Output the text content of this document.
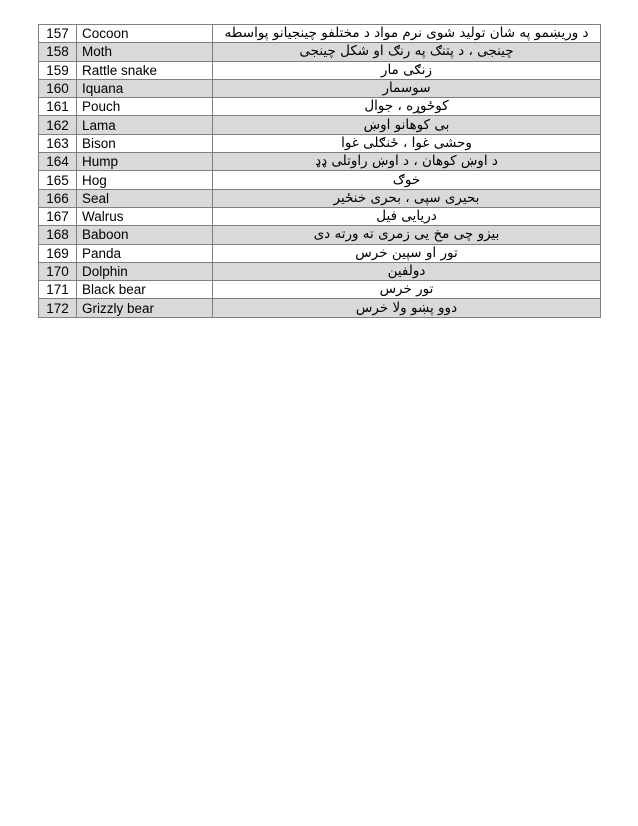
157	Cocoon	د وریښمو په شان تولید شوی نرم مواد د مختلفو چینجیانو پواسطه
158	Moth	چینجی ، د پتنګ په رنګ او شکل چینجی
159	Rattle snake	زنګی مار
160	Iquana	سوسمار
161	Pouch	کوځوړه ، جوال
162	Lama	بی کوهانو اوښ
163	Bison	وحشی غوا ، ځنګلی غوا
164	Hump	د اوښ کوهان ، د اوښ راوتلی ډډ
165	Hog	خوګ
166	Seal	بحیری سپی ، بحری خنځیر
167	Walrus	دریایی فیل
168	Baboon	بیزو چی مخ یی زمری ته ورته دی
169	Panda	تور او سپین خرس
170	Dolphin	دولفین
171	Black bear	تور خرس
172	Grizzly bear	دوو پښو ولا خرس
